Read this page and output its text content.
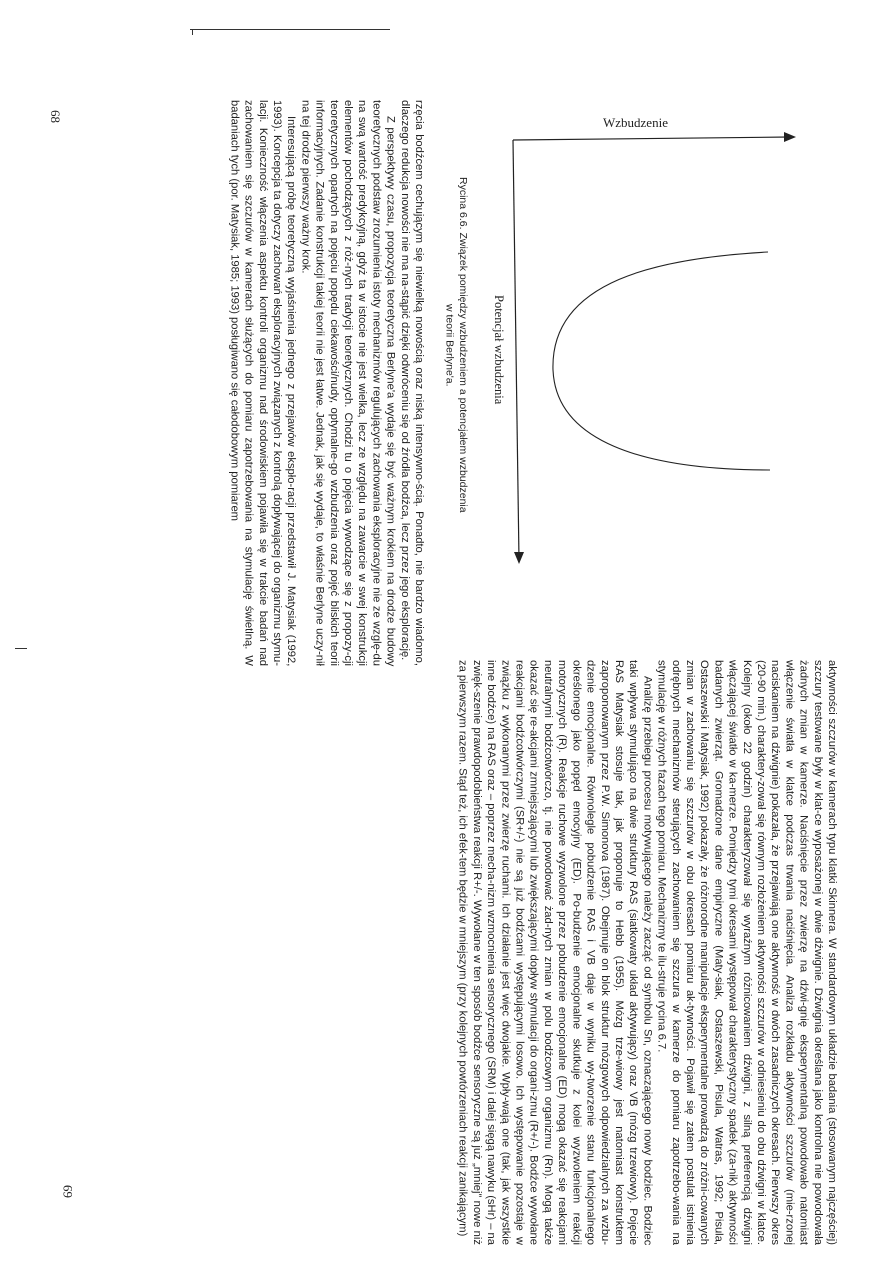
68	rzęcia bodźcem cechującym się niewielką nowością oraz niską intensywno-ścią. Ponadto, nie bardzo wiadomo, dlaczego redukcja nowości nie ma na-stąpić dzięki odwróceniu się od źródła bodźca, lecz przez jego eksplorację.

Z perspektywy czasu, propozycja teoretyczna Berlyne'a wydaje się być ważnym krokiem na drodze budowy teoretycznych podstaw zrozumienia istoty mechanizmów regulujących zachowania eksploracyjne nie ze wzglę-du na swą wartość predykcyjną, gdyż ta w istocie nie jest wielka, lecz ze względu na zawarcie w swej konstrukcji elementów pochodzących z róż-nych tradycji teoretycznych. Chodzi tu o pojęcia wywodzące się z propozy-cji teoretycznych opartych na pojęciu popędu ciekawości/nudy, optymalne-go wzbudzenia oraz pojęć bliskich teorii informacyjnych. Zadanie konstrukcji takiej teorii nie jest łatwe. Jednak, jak się wydaje, to właśnie Berlyne uczy-nił na tej drodze pierwszy ważny krok.

Interesującą próbę teoretyczną wyjaśnienia jednego z przejawów ekspło-racji przedstawił J. Matysiak (1992, 1993). Koncepcja ta dotyczy zachowań eksploracyjnych związanych z kontrolą dopływającej do organizmu stymu-lacji. Konieczność włączenia aspektu kontroli organizmu nad środowiskiem pojawiła się w trakcie badań nad zachowaniem się szczurów w kamerach służących do pomiaru zapotrzebowania na stymulację świetlną. W badaniach tych (por. Matysiak, 1985; 1993) posługiwano się całodobowym pomiarem	Rycina 6.6. Związek pomiędzy wzbudzeniem a potencjałem wzbudzenia
w teorii Berlyne'a.
Wzbudzenie
Potencjał wzbudzenia

aktywności szczurów w kamerach typu klatki Skinnera. W standardowym układzie badania (stosowanym najczęściej) szczury testowane były w klat-ce wyposażonej w dwie dźwignie. Dźwignia określana jako kontrolna nie powodowała żadnych zmian w kamerze. Naciśnięcie przez zwierzę na dźwi-gnię eksperymentalną powodowało natomiast włączenie światła w klatce podczas trwania naciśnięcia. Analiza rozkładu aktywności szczurów (mie-rzonej naciskaniem na dźwignie) pokazała, że przejawiają one aktywność w dwóch zasadniczych okresach. Pierwszy okres (20-90 min.) charaktery-zował się równym rozłożeniem aktywności szczurów w odniesieniu do obu dźwigni w klatce. Kolejny (około 22 godzin) charakteryzował się wyraźnym różnicowaniem dźwigni, z silną preferencją dźwigni włączającej światło w ka-merze. Pomiędzy tymi okresami występował charakterystyczny spadek (za-nik) aktywności badanych zwierząt. Gromadzone dane empiryczne (Maty-siak, Ostaszewski, Pisula, Watras, 1992; Pisula, Ostaszewski i Matysiak, 1992) pokazały, że różnorodne manipulacje eksperymentalne prowadzą do zróżni-cowanych zmian w zachowaniu się szczurów w obu okresach pomiaru ak-tywności. Pojawił się zatem postulat istnienia odrębnych mechanizmów sterujących zachowaniem się szczura w kamerze do pomiaru zapotrzebo-wania na stymulację w różnych fazach tego pomiaru. Mechanizmy te ilu-struje rycina 6.7.

Analizę przebiegu procesu motywującego należy zacząć od symbolu Sn, oznaczającego nowy bodziec. Bodziec taki wpływa stymulująco na dwie struktury RAS (siatkowaty układ aktywujący) oraz VB (mózg trzewiowy). Pojęcie RAS Matysiak stosuje tak, jak proponuje to Hebb (1955). Mózg trze-wiowy jest natomiast konstruktem zaproponowanym przez P.W. Simonova (1987). Obejmuje on blok struktur mózgowych odpowiedzialnych za wzbu-dzenie emocjonalne. Równolegle pobudzenie RAS i VB daje w wyniku wy-tworzenie stanu funkcjonalnego określonego jako popęd emocyjny (ED). Po-budzenie emocjonalne skutkuje z kolei wyzwoleniem reakcji motorycznych (R). Reakcje ruchowe wyzwolone przez pobudzenie emocjonalne (ED) mogą okazać się reakcjami neutralnymi bodźcotwórczo, tj. nie powodować żad-nych zmian w polu bodźcowym organizmu (Rn). Mogą także okazać się re-akcjami zmniejszającymi lub zwiększającymi dopływ stymulacji do organi-zmu (R+/-). Bodźce wywołane reakcjami bodźcotwórczymi (SR+/-) nie są już bodźcami występującymi losowo. Ich występowanie pozostaje w związku z wykonanymi przez zwierzę ruchami. Ich działanie jest więc dwojakie. Wpły-wają one (tak, jak wszystkie inne bodźce) na RAS oraz – poprzez mecha-nizm wzmocnienia sensorycznego (SRM) i dalej sięgą nawyku (sHr) – na zwięk-szenie prawdopodobieństwa reakcji R+/-. Wywołane w ten sposób bodźce sensoryczne są już „mniej” nowe niż za pierwszym razem. Stąd też, ich efek-tem będzie w mniejszym (przy kolejnych powtórzeniach reakcji zanikającym)

69
